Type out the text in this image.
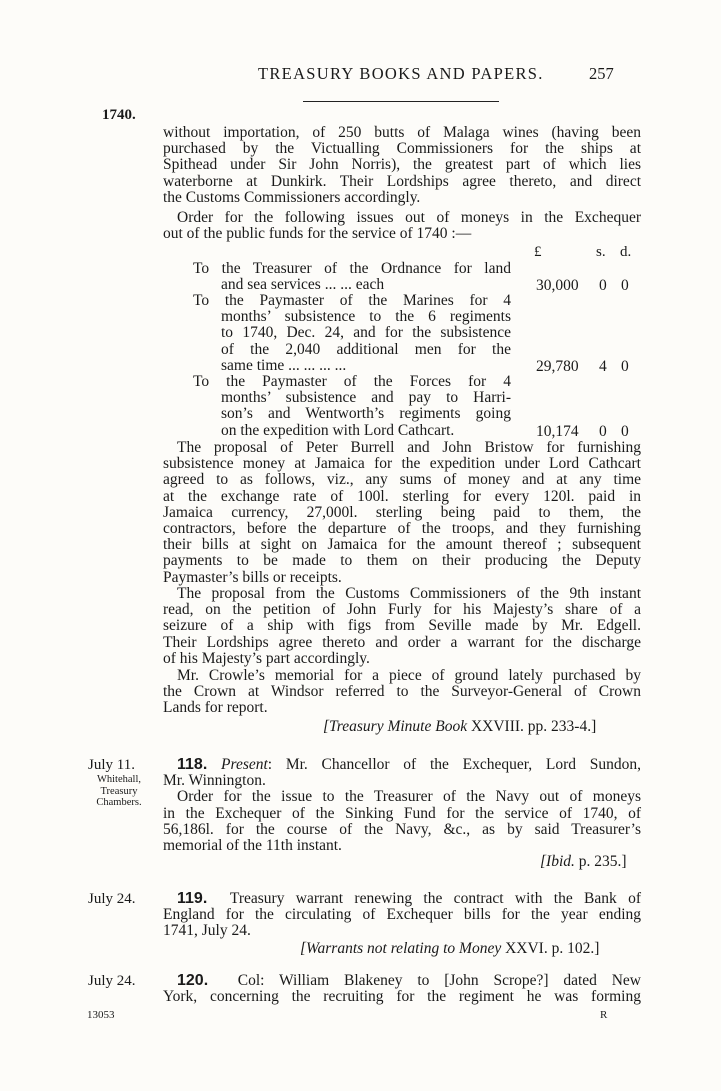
TREASURY BOOKS AND PAPERS.	257
1740.
without importation, of 250 butts of Malaga wines (having been
purchased by the Victualling Commissioners for the ships at
Spithead under Sir John Norris), the greatest part of which lies
waterborne at Dunkirk. Their Lordships agree thereto, and direct
the Customs Commissioners accordingly.
Order for the following issues out of moneys in the Exchequer
out of the public funds for the service of 1740 :—
£	s. d.
To the Treasurer of the Ordnance for land
and sea services ... ... each	30,000 0 0
To the Paymaster of the Marines for 4
months’ subsistence to the 6 regiments
to 1740, Dec. 24, and for the subsistence
of the 2,040 additional men for the
same time ... ... ... ...	29,780 4 0
To the Paymaster of the Forces for 4
months’ subsistence and pay to Harri-
son’s and Wentworth’s regiments going
on the expedition with Lord Cathcart.	10,174 0 0
The proposal of Peter Burrell and John Bristow for furnishing
subsistence money at Jamaica for the expedition under Lord Cathcart
agreed to as follows, viz., any sums of money and at any time
at the exchange rate of 100l. sterling for every 120l. paid in
Jamaica currency, 27,000l. sterling being paid to them, the
contractors, before the departure of the troops, and they furnishing
their bills at sight on Jamaica for the amount thereof ; subsequent
payments to be made to them on their producing the Deputy
Paymaster’s bills or receipts.
The proposal from the Customs Commissioners of the 9th instant
read, on the petition of John Furly for his Majesty’s share of a
seizure of a ship with figs from Seville made by Mr. Edgell.
Their Lordships agree thereto and order a warrant for the discharge
of his Majesty’s part accordingly.
Mr. Crowle’s memorial for a piece of ground lately purchased by
the Crown at Windsor referred to the Surveyor-General of Crown
Lands for report.
[Treasury Minute Book XXVIII. pp. 233-4.]
July 11.
Whitehall,
Treasury
Chambers.
118. Present: Mr. Chancellor of the Exchequer, Lord Sundon,
Mr. Winnington.
Order for the issue to the Treasurer of the Navy out of moneys
in the Exchequer of the Sinking Fund for the service of 1740, of
56,186l. for the course of the Navy, &c., as by said Treasurer’s
memorial of the 11th instant.
[Ibid. p. 235.]
July 24.	119. Treasury warrant renewing the contract with the Bank of
England for the circulating of Exchequer bills for the year ending
1741, July 24.
[Warrants not relating to Money XXVI. p. 102.]
July 24.	120. Col: William Blakeney to [John Scrope?] dated New
York, concerning the recruiting for the regiment he was forming
13053	R
